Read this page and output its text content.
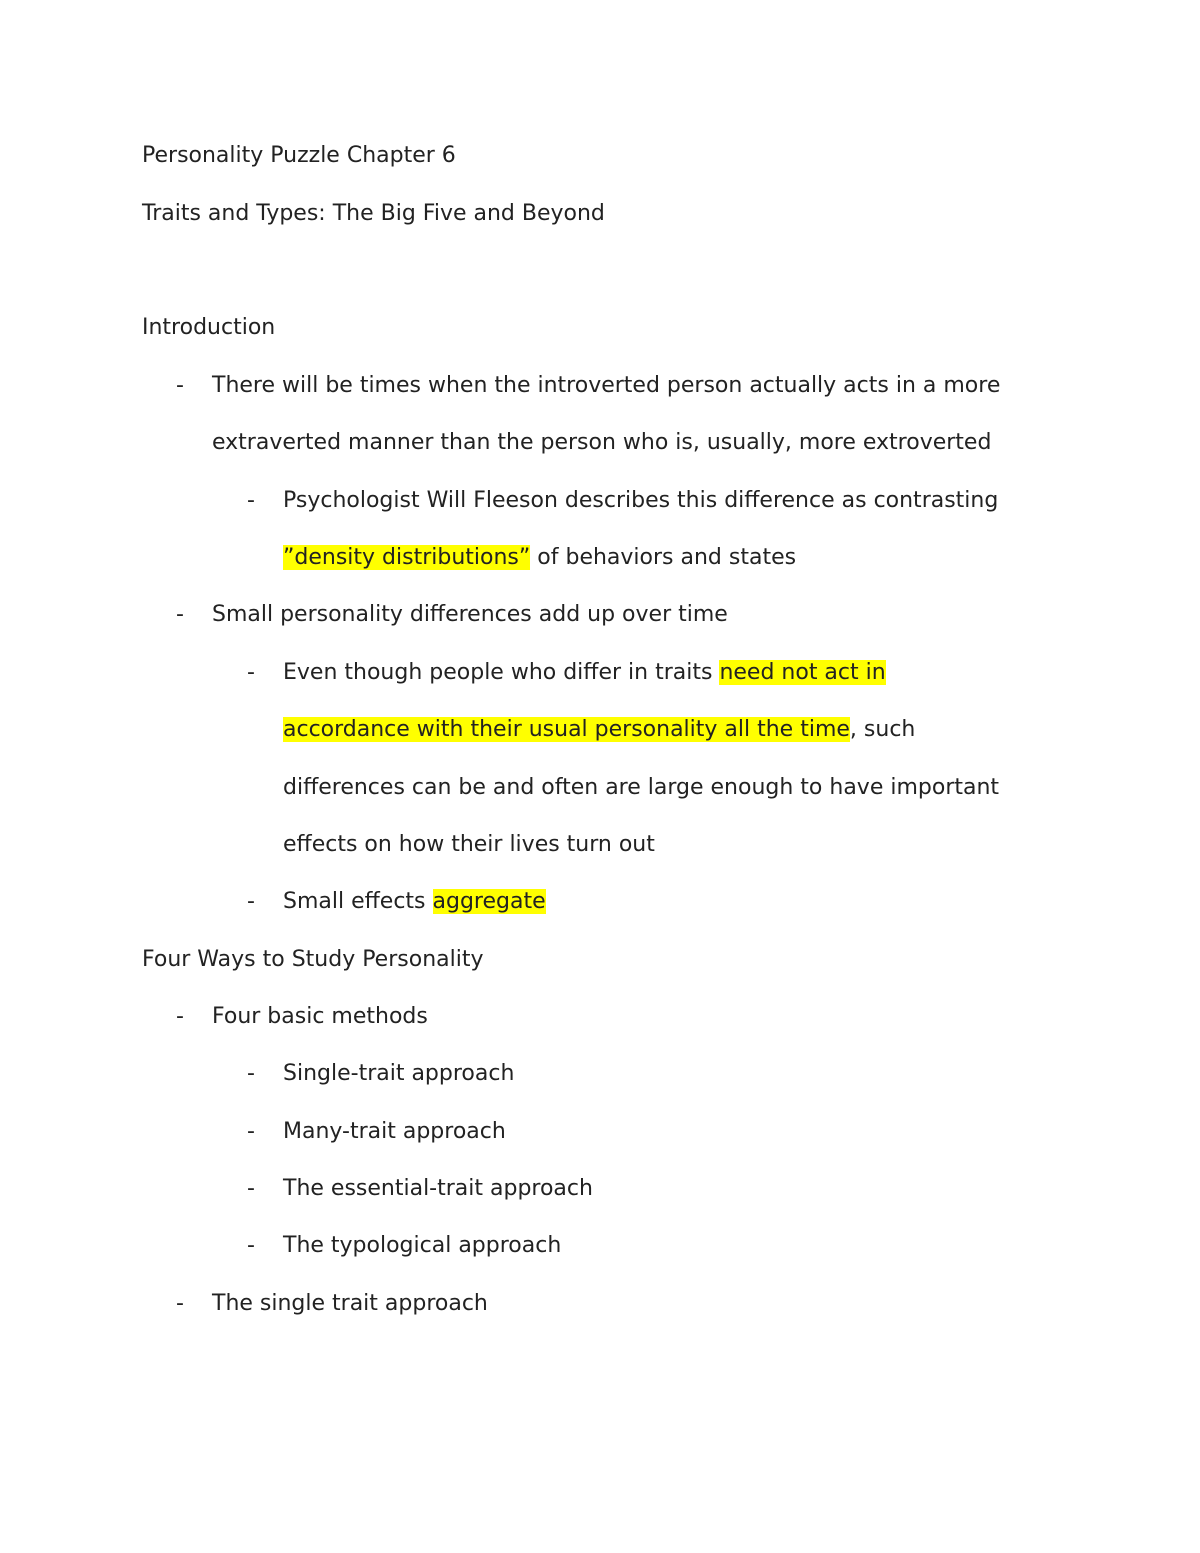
Personality Puzzle Chapter 6
Traits and Types: The Big Five and Beyond
Introduction
- There will be times when the introverted person actually acts in a more
extraverted manner than the person who is, usually, more extroverted
- Psychologist Will Fleeson describes this difference as contrasting
”density distributions” of behaviors and states
- Small personality differences add up over time
- Even though people who differ in traits need not act in
accordance with their usual personality all the time, such
differences can be and often are large enough to have important
effects on how their lives turn out
- Small effects aggregate
Four Ways to Study Personality
- Four basic methods
- Single-trait approach
- Many-trait approach
- The essential-trait approach
- The typological approach
- The single trait approach
